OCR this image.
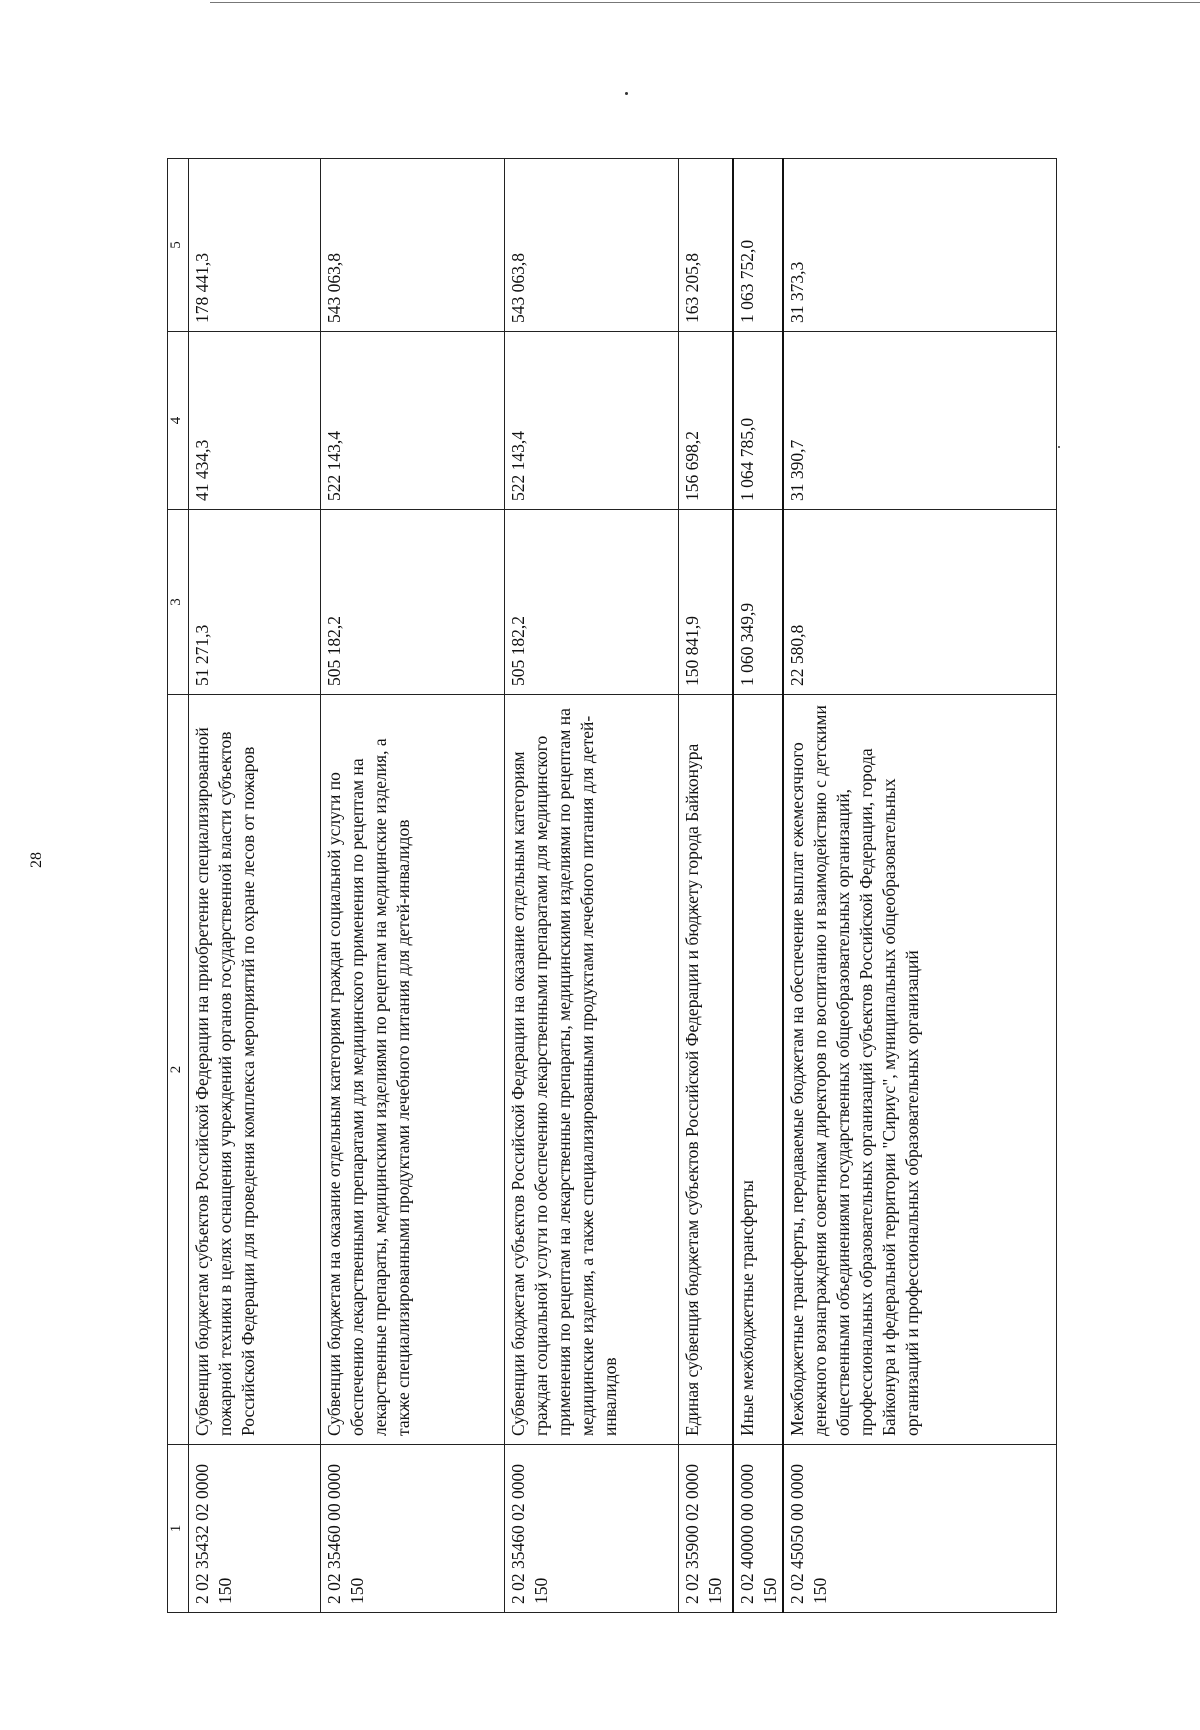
28
1	2	3	4	5
2 02 35432 02 0000 150	Субвенции бюджетам субъектов Российской Федерации на приобретение специализированной пожарной техники в целях оснащения учреждений органов государственной власти субъектов Российской Федерации для проведения комплекса мероприятий по охране лесов от пожаров	51 271,3	41 434,3	178 441,3
2 02 35460 00 0000 150	Субвенции бюджетам на оказание отдельным категориям граждан социальной услуги по обеспечению лекарственными препаратами для медицинского применения по рецептам на лекарственные препараты, медицинскими изделиями по рецептам на медицинские изделия, а также специализированными продуктами лечебного питания для детей-инвалидов	505 182,2	522 143,4	543 063,8
2 02 35460 02 0000 150	Субвенции бюджетам субъектов Российской Федерации на оказание отдельным категориям граждан социальной услуги по обеспечению лекарственными препаратами для медицинского применения по рецептам на лекарственные препараты, медицинскими изделиями по рецептам на медицинские изделия, а также специализированными продуктами лечебного питания для детей-инвалидов	505 182,2	522 143,4	543 063,8
2 02 35900 02 0000 150	Единая субвенция бюджетам субъектов Российской Федерации и бюджету города Байконура	150 841,9	156 698,2	163 205,8
2 02 40000 00 0000 150	Иные межбюджетные трансферты	1 060 349,9	1 064 785,0	1 063 752,0
2 02 45050 00 0000 150	Межбюджетные трансферты, передаваемые бюджетам на обеспечение выплат ежемесячного денежного вознаграждения советникам директоров по воспитанию и взаимодействию с детскими общественными объединениями государственных общеобразовательных организаций, профессиональных образовательных организаций субъектов Российской Федерации, города Байконура и федеральной территории "Сириус", муниципальных общеобразовательных организаций и профессиональных образовательных организаций	22 580,8	31 390,7	31 373,3
